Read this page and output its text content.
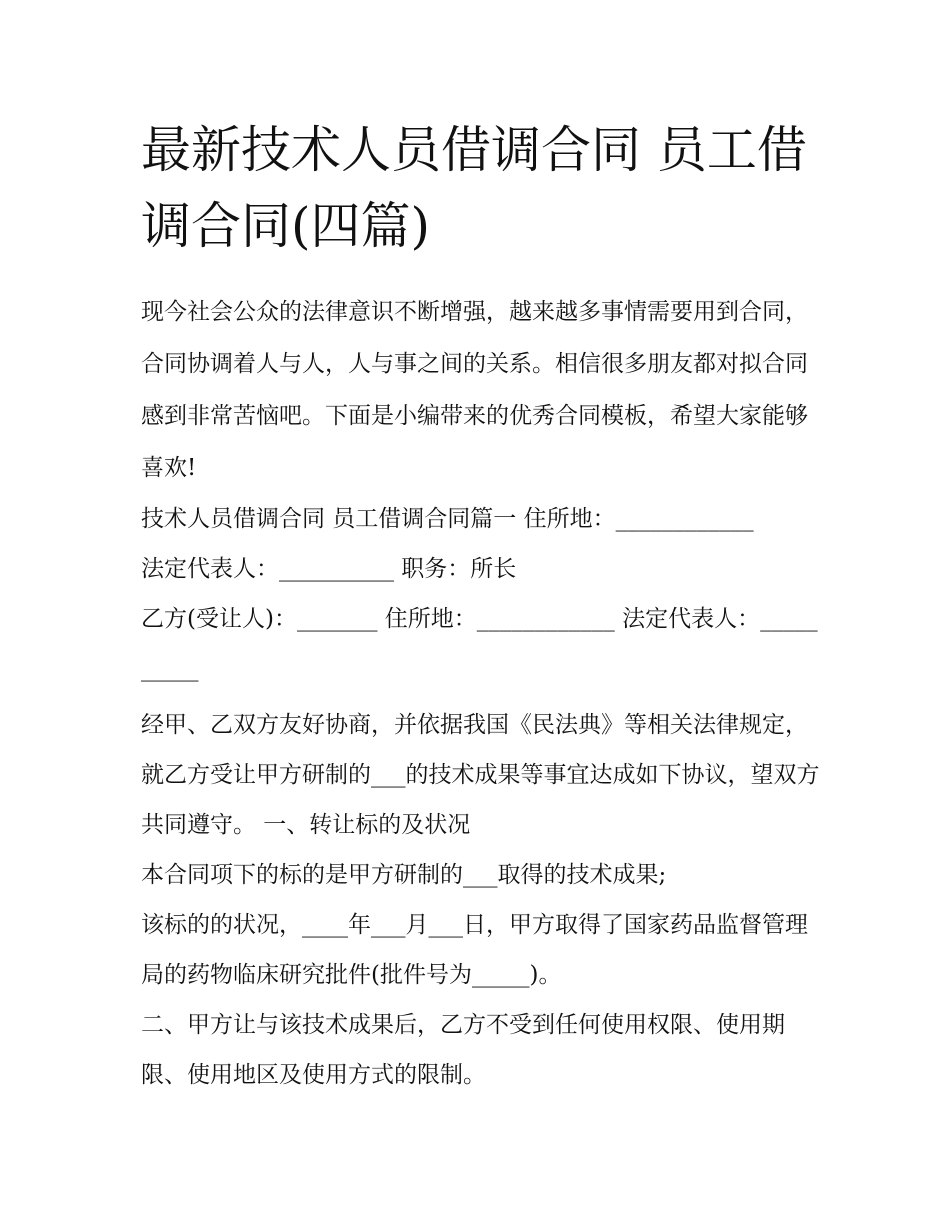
最新技术人员借调合同 员工借调合同(四篇)

现今社会公众的法律意识不断增强，越来越多事情需要用到合同，合同协调着人与人，人与事之间的关系。相信很多朋友都对拟合同感到非常苦恼吧。下面是小编带来的优秀合同模板，希望大家能够喜欢!

技术人员借调合同 员工借调合同篇一 住所地：____________

法定代表人：__________ 职务：所长

乙方(受让人)：_______ 住所地：____________ 法定代表人：__________

经甲、乙双方友好协商，并依据我国《民法典》等相关法律规定，就乙方受让甲方研制的___的技术成果等事宜达成如下协议，望双方共同遵守。 一、转让标的及状况

本合同项下的标的是甲方研制的___取得的技术成果;

该标的的状况，____年___月___日，甲方取得了国家药品监督管理局的药物临床研究批件(批件号为_____)。

二、甲方让与该技术成果后，乙方不受到任何使用权限、使用期限、使用地区及使用方式的限制。
